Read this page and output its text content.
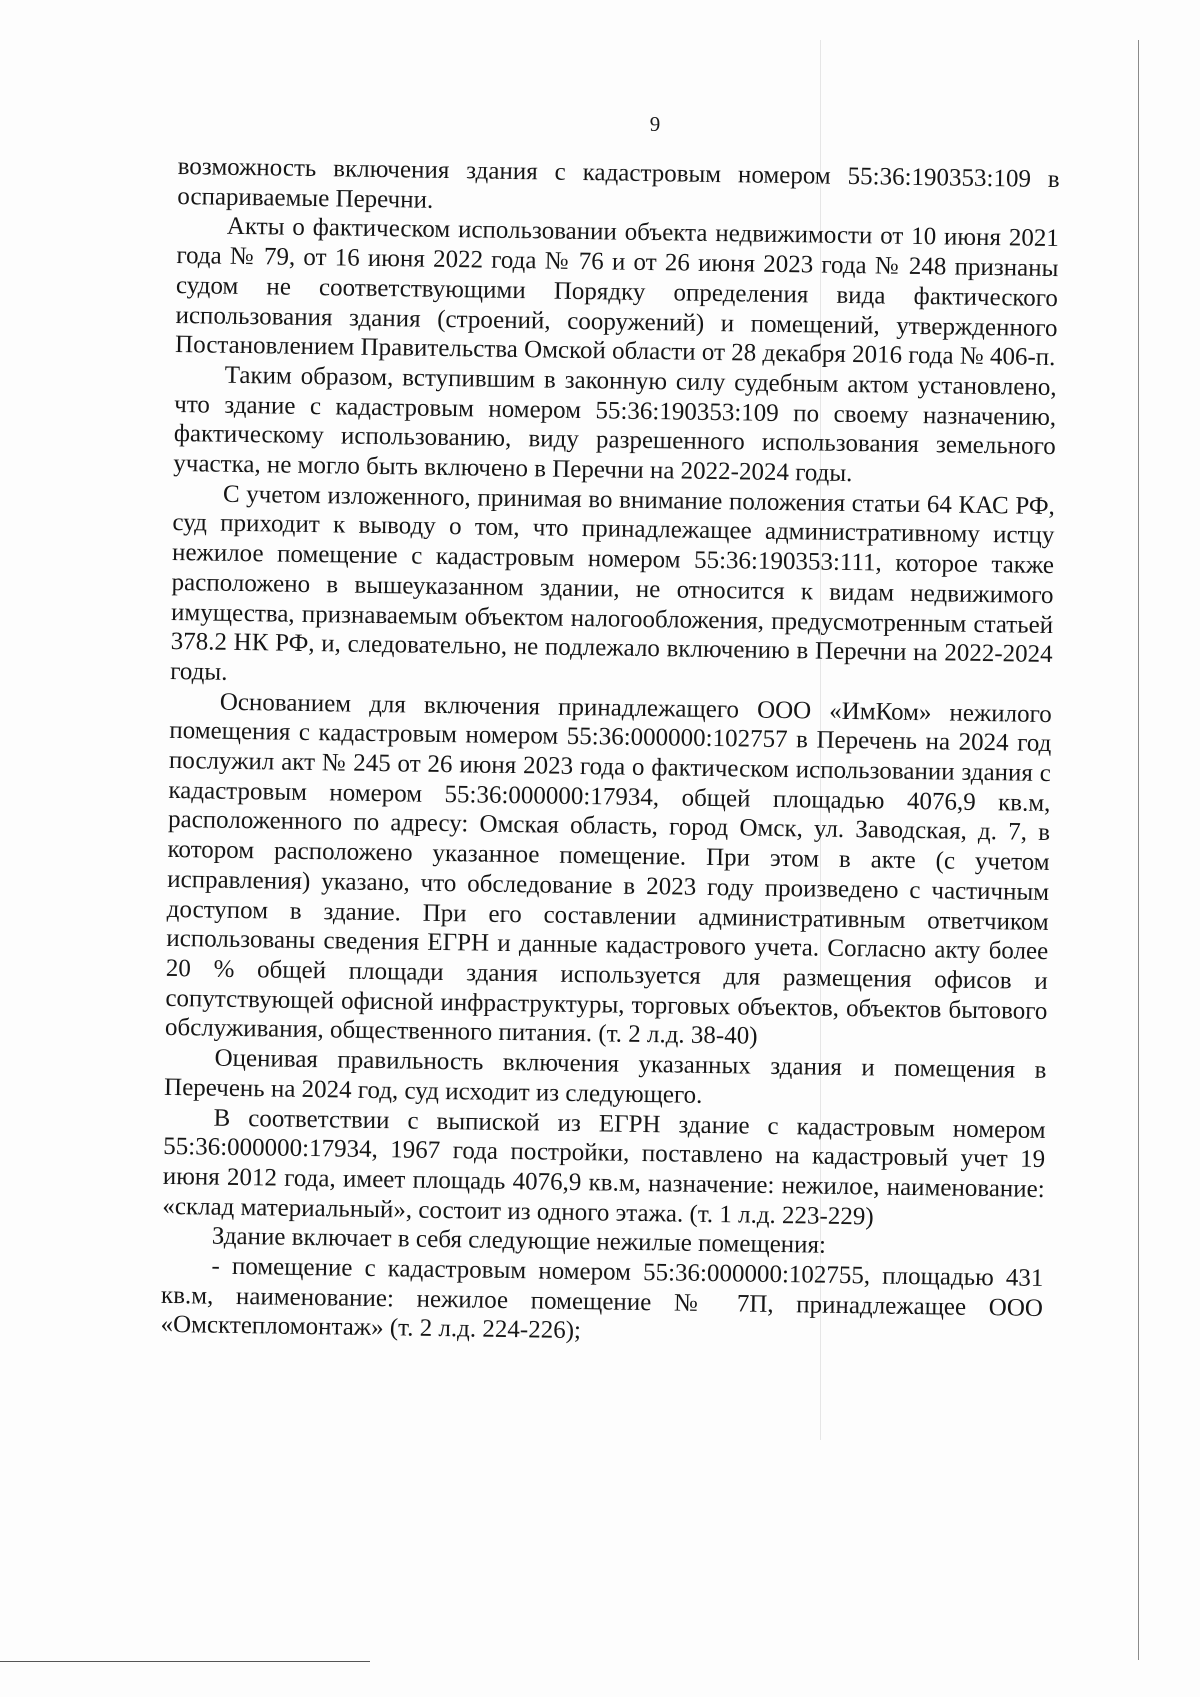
9

возможность включения здания с кадастровым номером 55:36:190353:109 в оспариваемые Перечни.

Акты о фактическом использовании объекта недвижимости от 10 июня 2021 года № 79, от 16 июня 2022 года № 76 и от 26 июня 2023 года № 248 признаны судом не соответствующими Порядку определения вида фактического использования здания (строений, сооружений) и помещений, утвержденного Постановлением Правительства Омской области от 28 декабря 2016 года № 406-п.

Таким образом, вступившим в законную силу судебным актом установлено, что здание с кадастровым номером 55:36:190353:109 по своему назначению, фактическому использованию, виду разрешенного использования земельного участка, не могло быть включено в Перечни на 2022-2024 годы.

С учетом изложенного, принимая во внимание положения статьи 64 КАС РФ, суд приходит к выводу о том, что принадлежащее административному истцу нежилое помещение с кадастровым номером 55:36:190353:111, которое также расположено в вышеуказанном здании, не относится к видам недвижимого имущества, признаваемым объектом налогообложения, предусмотренным статьей 378.2 НК РФ, и, следовательно, не подлежало включению в Перечни на 2022-2024 годы.

Основанием для включения принадлежащего ООО «ИмКом» нежилого помещения с кадастровым номером 55:36:000000:102757 в Перечень на 2024 год послужил акт № 245 от 26 июня 2023 года о фактическом использовании здания с кадастровым номером 55:36:000000:17934, общей площадью 4076,9 кв.м, расположенного по адресу: Омская область, город Омск, ул. Заводская, д. 7, в котором расположено указанное помещение. При этом в акте (с учетом исправления) указано, что обследование в 2023 году произведено с частичным доступом в здание. При его составлении административным ответчиком использованы сведения ЕГРН и данные кадастрового учета. Согласно акту более 20 % общей площади здания используется для размещения офисов и сопутствующей офисной инфраструктуры, торговых объектов, объектов бытового обслуживания, общественного питания. (т. 2 л.д. 38-40)

Оценивая правильность включения указанных здания и помещения в Перечень на 2024 год, суд исходит из следующего.

В соответствии с выпиской из ЕГРН здание с кадастровым номером 55:36:000000:17934, 1967 года постройки, поставлено на кадастровый учет 19 июня 2012 года, имеет площадь 4076,9 кв.м, назначение: нежилое, наименование: «склад материальный», состоит из одного этажа. (т. 1 л.д. 223-229)

Здание включает в себя следующие нежилые помещения:

- помещение с кадастровым номером 55:36:000000:102755, площадью 431 кв.м, наименование: нежилое помещение № 7П, принадлежащее ООО «Омсктепломонтаж» (т. 2 л.д. 224-226);
